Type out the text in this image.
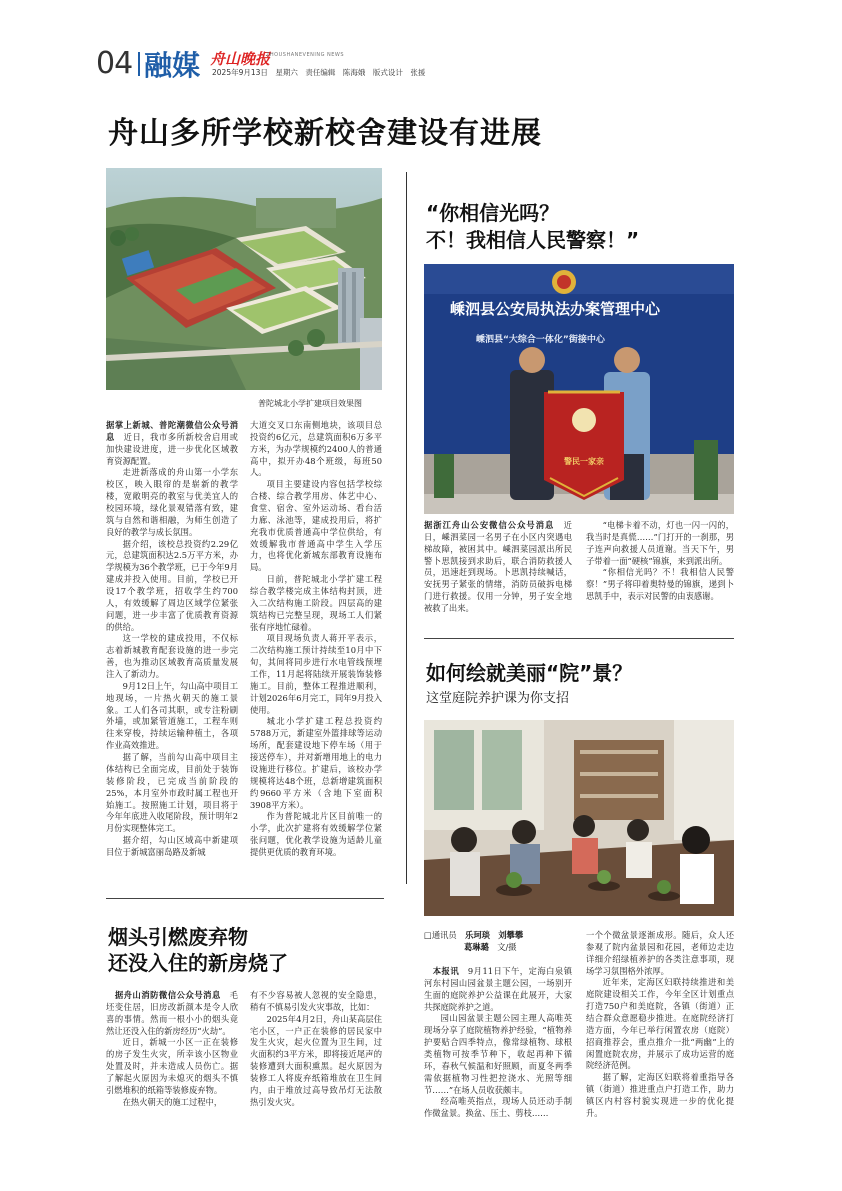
04 融媒 舟山晚报
ZHOUSHANEVENING NEWS
2025年9月13日　星期六　责任编辑　陈海娥　版式设计　张援
舟山多所学校新校舍建设有进展
普陀城北小学扩建项目效果图

据掌上新城、普陀潮微信公众号消息　近日，我市多所新校舍启用或加快建设进度，进一步优化区域教育资源配置。

走进新落成的舟山第一小学东校区，映入眼帘的是崭新的教学楼，宽敞明亮的教室与优美宜人的校园环境，绿化景观错落有致，建筑与自然和谐相融，为师生创造了良好的教学与成长氛围。

据介绍，该校总投资约2.29亿元，总建筑面积达2.5万平方米，办学规模为36个教学班，已于今年9月建成并投入使用。目前，学校已开设17个教学班，招收学生约700人，有效缓解了周边区域学位紧张问题，进一步丰富了优质教育资源的供给。

这一学校的建成投用，不仅标志着新城教育配套设施的进一步完善，也为推动区域教育高质量发展注入了新动力。

9月12日上午，勾山高中项目工地现场，一片热火朝天的施工景象。工人们各司其职，或专注粉刷外墙，或加紧管道施工，工程车则往来穿梭，持续运输种植土，各项作业高效推进。

据了解，当前勾山高中项目主体结构已全面完成，目前处于装饰装修阶段，已完成当前阶段的25%，本月室外市政时属工程也开始施工。按照施工计划，项目将于今年年底进入收尾阶段，预计明年2月份实现整体完工。

据介绍，勾山区域高中新建项目位于新城富丽岛路及新城

大道交叉口东南侧地块，该项目总投资约6亿元，总建筑面积6万多平方米，为办学规模约2400人的普通高中，拟开办48个班级，每班50人。

项目主要建设内容包括学校综合楼、综合教学用房、体艺中心、食堂、宿舍、室外运动场、看台活力廊、泳池等，建成投用后，将扩充我市优质普通高中学位供给，有效缓解我市普通高中学生入学压力，也将优化新城东部教育设施布局。

日前，普陀城北小学扩建工程综合教学楼完成主体结构封顶，进入二次结构施工阶段。四层高的建筑结构已完整呈现，现场工人们紧张有序地忙碌着。

项目现场负责人蒋开平表示，二次结构施工预计持续至10月中下旬，其间将同步进行水电管线预埋工作，11月起将陆续开展装饰装修施工。目前，整体工程推进顺利，计划2026年6月完工，同年9月投入使用。

城北小学扩建工程总投资约5788万元，新建室外篮排球等运动场所，配套建设地下停车场（用于接送停车），并对新增用地上的电力设施进行移位。扩建后，该校办学规模将达48个班，总新增建筑面积约9660平方米（含地下室面积3908平方米）。

作为普陀城北片区目前唯一的小学，此次扩建将有效缓解学位紧张问题，优化教学设施为适龄儿童提供更优质的教育环境。

“你相信光吗？
不！我相信人民警察！”
嵊泗县公安局执法办案管理中心
嵊泗县“大综合一体化”街接中心
警民一家亲

据浙江舟山公安微信公众号消息　近日，嵊泗菜园一名男子在小区内突遇电梯故障，被困其中。嵊泗菜园派出所民警卜思凯接到求助后，联合消防救援人员，迅速赶到现场。卜思凯持续喊话，安抚男子紧张的情绪，消防员破拆电梯门进行救援。仅用一分钟，男子安全地被救了出来。

“电梯卡着不动，灯也一闪一闪的，我当时是真慌……”门打开的一刹那，男子连声向救援人员道谢。当天下午，男子带着一面“硬核”锦旗，来到派出所。

“你相信光吗？不！我相信人民警察！”男子将印着奥特曼的锦旗，递到卜思凯手中，表示对民警的由衷感谢。

如何绘就美丽“院”景？
这堂庭院养护课为你支招
□通讯员  乐珂琰　刘攀攀
葛琳璐　文/摄

 本报讯　9月11日下午，定海白泉镇河东村园山园盆景主题公园，一场别开生面的庭院养护公益课在此展开，大家共探庭院养护之道。

园山园盆景主题公园主理人高唯英现场分享了庭院植物养护经验，“植物养护要贴合四季特点，像常绿植物、球根类植物可按季节种下，收起再种下循环，春秋气候温和好照顾，而夏冬两季需依据植物习性把控浇水、光照等细节……”在场人员收获颇丰。

经高唯英指点，现场人员还动手制作微盆景。换盆、压土、剪枝……

一个个微盆景逐渐成形。随后，众人还参观了院内盆景园和花园，老师边走边详细介绍绿植养护的各类注意事项，现场学习氛围格外浓厚。

近年来，定海区妇联持续推进和美庭院建设相关工作，今年全区计划重点打造750户和美庭院，各镇（街道）正结合群众意愿稳步推进。在庭院经济打造方面，今年已举行闲置农房（庭院）招商推荐会，重点推介一批“两幽”上的闲置庭院农房，并展示了成功运营的庭院经济范例。

据了解，定海区妇联将着重指导各镇（街道）推进重点户打造工作，助力镇区内村容村貌实现进一步的优化提升。

烟头引燃废弃物
还没入住的新房烧了

 据舟山消防微信公众号消息　毛坯变住居，旧房改新颜本是令人欣喜的事情。然而一根小小的烟头竟然让还没入住的新房经历“火劫”。

近日，新城一小区一正在装修的房子发生火灾，所幸该小区物业处置及时，并未造成人员伤亡。据了解起火原因为未熄灭的烟头不慎引燃堆积的纸箱等装修废弃物。

在热火朝天的施工过程中，

有不少容易被人忽视的安全隐患，稍有不慎易引发火灾事故，比如：

2025年4月2日，舟山某高层住宅小区，一户正在装修的居民家中发生火灾，起火位置为卫生间，过火面积约3平方米，即将接近尾声的装修遭到大面积熏黑。起火原因为装修工人将废弃纸箱堆放在卫生间内，由于堆放过高导致吊灯无法散热引发火灾。
